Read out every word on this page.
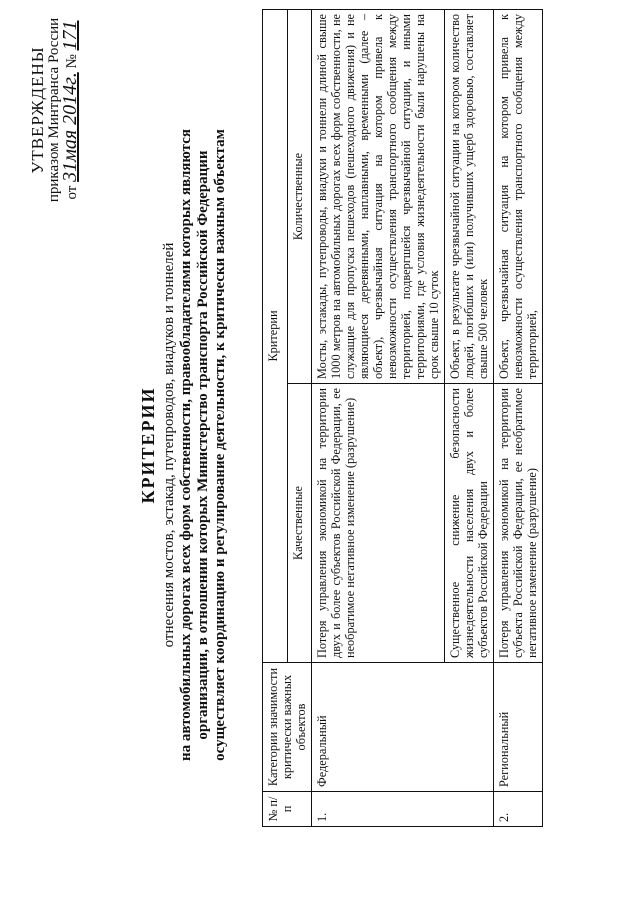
УТВЕРЖДЕНЫ приказом Минтранса России от 31мая 2014г. № 171
КРИТЕРИИ отнесения мостов, эстакад, путепроводов, виадуков и тоннелей на автомобильных дорогах всех форм собственности, правообладателями которых являются организации, в отношении которых Министерство транспорта Российской Федерации осуществляет координацию и регулирование деятельности, к критически важным объектам
№ п/п	Категории значимости критически важных объектов	Критерии	
		Качественные	Количественные
1.	Федеральный	Потеря управления экономикой на территории двух и более субъектов Российской Федерации, ее необратимое негативное изменение (разрушение)	Мосты, эстакады, путепроводы, виадуки и тоннели длиной свыше 1000 метров на автомобильных дорогах всех форм собственности, не служащие для пропуска пешеходов (пешеходного движения) и не являющиеся деревянными, наплавными, временными (далее – объект), чрезвычайная ситуация на котором привела к невозможности осуществления транспортного сообщения между территорией, подвергшейся чрезвычайной ситуации, и иными территориями, где условия жизнедеятельности были нарушены на срок свыше 10 суток
		Существенное снижение безопасности жизнедеятельности населения двух и более субъектов Российской Федерации	Объект, в результате чрезвычайной ситуации на котором количество людей, погибших и (или) получивших ущерб здоровью, составляет свыше 500 человек
2.	Региональный	Потеря управления экономикой на территории субъекта Российской Федерации, ее необратимое негативное изменение (разрушение)	Объект, чрезвычайная ситуация на котором привела к невозможности осуществления транспортного сообщения между территорией,
